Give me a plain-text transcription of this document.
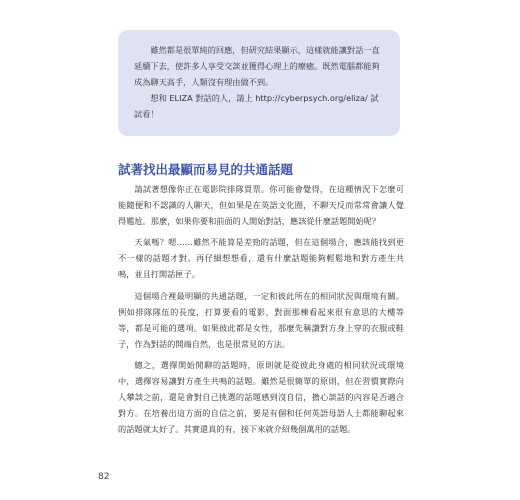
雖然都是很單純的回應，但研究結果顯示，這樣就能讓對話一直延續下去，使許多人享受交談並獲得心理上的療癒。既然電腦都能夠成為聊天高手，人類沒有理由做不到。

想和 ELIZA 對話的人，請上 http://cyberpsych.org/eliza/ 試試看！

試著找出最顯而易見的共通話題

請試著想像你正在電影院排隊買票。你可能會覺得，在這種情況下怎麼可能隨便和不認識的人聊天，但如果是在英語文化圈，不聊天反而常常會讓人覺得尷尬。那麼，如果你要和前面的人開始對話，應該從什麼話題開始呢？

天氣嗎？嗯……雖然不能算是差勁的話題，但在這個場合，應該能找到更不一樣的話題才對。再仔細想想看，還有什麼話題能夠輕鬆地和對方產生共鳴，並且打開話匣子。

這個場合裡最明顯的共通話題，一定和彼此所在的相同狀況與環境有關。例如排隊隊伍的長度，打算要看的電影，對面那棟看起來很有意思的大樓等等，都是可能的選項。如果彼此都是女性，那麼先稱讚對方身上穿的衣服或鞋子，作為對話的開端自然，也是很常見的方法。

總之，選擇開始閒聊的話題時，原則就是從彼此身處的相同狀況或環境中，選擇容易讓對方產生共鳴的話題。雖然是很簡單的原則，但在習慣實際向人攀談之前，還是會對自己挑選的話題感到沒自信，擔心談話的內容是否適合對方。在培養出這方面的自信之前，要是有個和任何英語母語人士都能聊起來的話題就太好了。其實還真的有，接下來就介紹幾個萬用的話題。

82
